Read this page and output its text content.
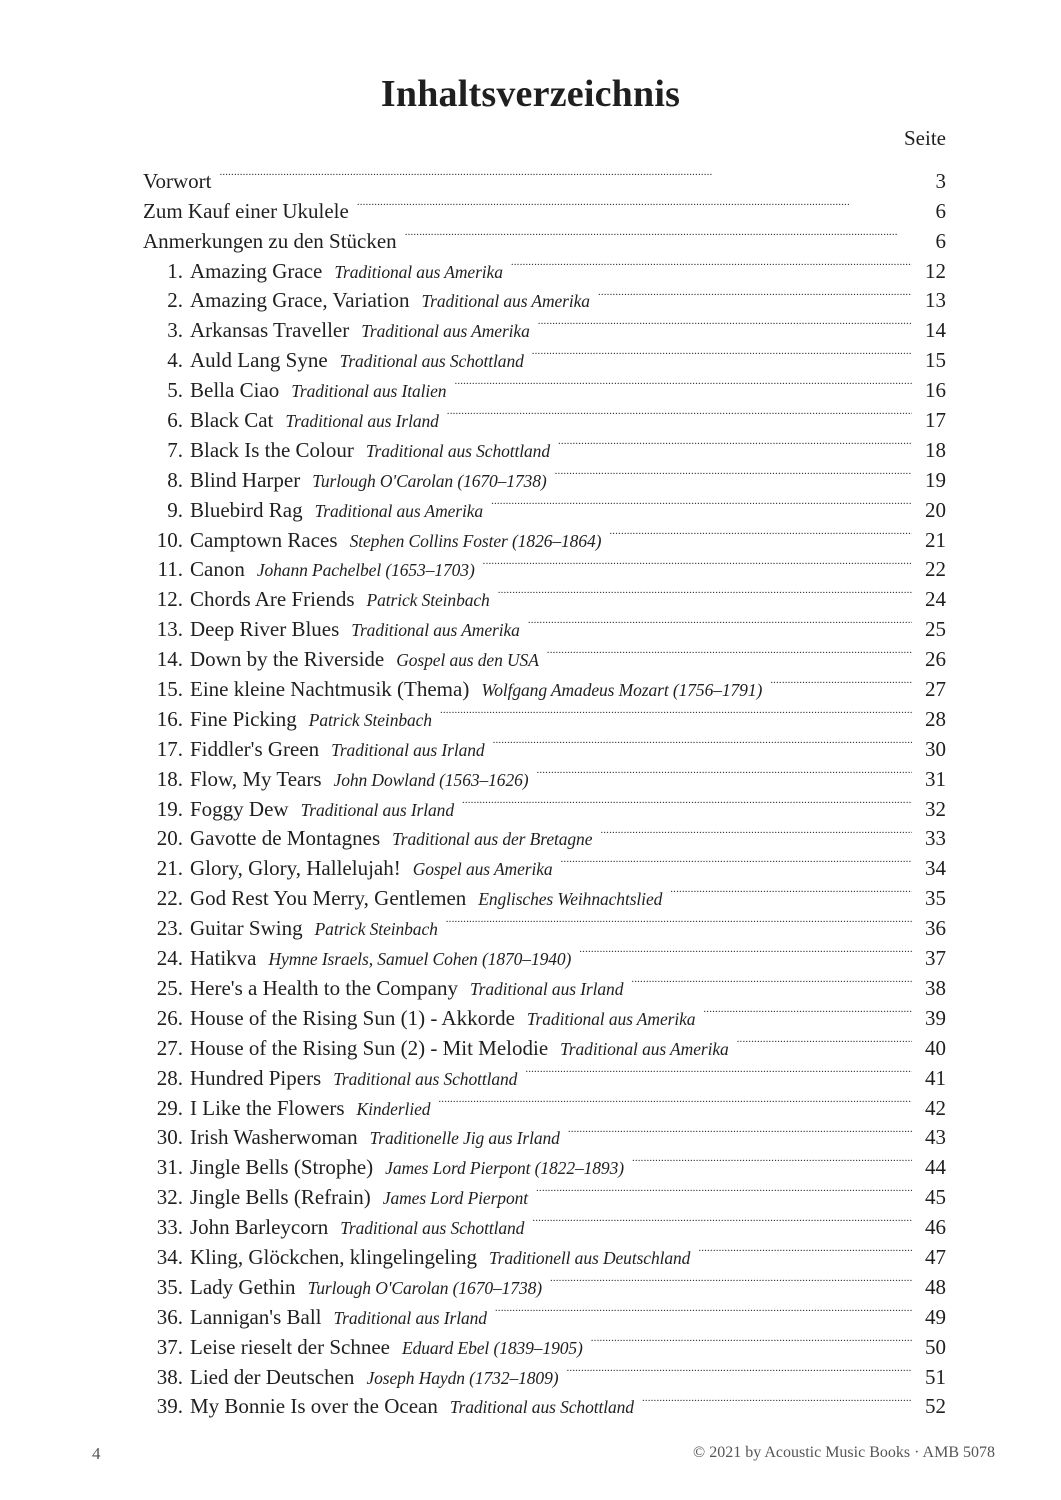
Inhaltsverzeichnis
Seite
Vorwort . . .	3
Zum Kauf einer Ukulele . . .	6
Anmerkungen zu den Stücken . . .	6
1. Amazing Grace Traditional aus Amerika . . .	12
2. Amazing Grace, Variation Traditional aus Amerika . . .	13
3. Arkansas Traveller Traditional aus Amerika . . .	14
4. Auld Lang Syne Traditional aus Schottland . . .	15
5. Bella Ciao Traditional aus Italien . . .	16
6. Black Cat Traditional aus Irland . . .	17
7. Black Is the Colour Traditional aus Schottland . . .	18
8. Blind Harper Turlough O'Carolan (1670–1738) . . .	19
9. Bluebird Rag Traditional aus Amerika . . .	20
10. Camptown Races Stephen Collins Foster (1826–1864) . . .	21
11. Canon Johann Pachelbel (1653–1703) . . .	22
12. Chords Are Friends Patrick Steinbach . . .	24
13. Deep River Blues Traditional aus Amerika . . .	25
14. Down by the Riverside Gospel aus den USA . . .	26
15. Eine kleine Nachtmusik (Thema) Wolfgang Amadeus Mozart (1756–1791) . . .	27
16. Fine Picking Patrick Steinbach . . .	28
17. Fiddler's Green Traditional aus Irland . . .	30
18. Flow, My Tears John Dowland (1563–1626) . . .	31
19. Foggy Dew Traditional aus Irland . . .	32
20. Gavotte de Montagnes Traditional aus der Bretagne . . .	33
21. Glory, Glory, Hallelujah! Gospel aus Amerika . . .	34
22. God Rest You Merry, Gentlemen Englisches Weihnachtslied . . .	35
23. Guitar Swing Patrick Steinbach . . .	36
24. Hatikva Hymne Israels, Samuel Cohen (1870–1940) . . .	37
25. Here's a Health to the Company Traditional aus Irland . . .	38
26. House of the Rising Sun (1) - Akkorde Traditional aus Amerika . . .	39
27. House of the Rising Sun (2) - Mit Melodie Traditional aus Amerika . . .	40
28. Hundred Pipers Traditional aus Schottland . . .	41
29. I Like the Flowers Kinderlied . . .	42
30. Irish Washerwoman Traditionelle Jig aus Irland . . .	43
31. Jingle Bells (Strophe) James Lord Pierpont (1822–1893) . . .	44
32. Jingle Bells (Refrain) James Lord Pierpont . . .	45
33. John Barleycorn Traditional aus Schottland . . .	46
34. Kling, Glöckchen, klingelingeling Traditionell aus Deutschland . . .	47
35. Lady Gethin Turlough O'Carolan (1670–1738) . . .	48
36. Lannigan's Ball Traditional aus Irland . . .	49
37. Leise rieselt der Schnee Eduard Ebel (1839–1905) . . .	50
38. Lied der Deutschen Joseph Haydn (1732–1809) . . .	51
39. My Bonnie Is over the Ocean Traditional aus Schottland . . .	52
4	© 2021 by Acoustic Music Books · AMB 5078
